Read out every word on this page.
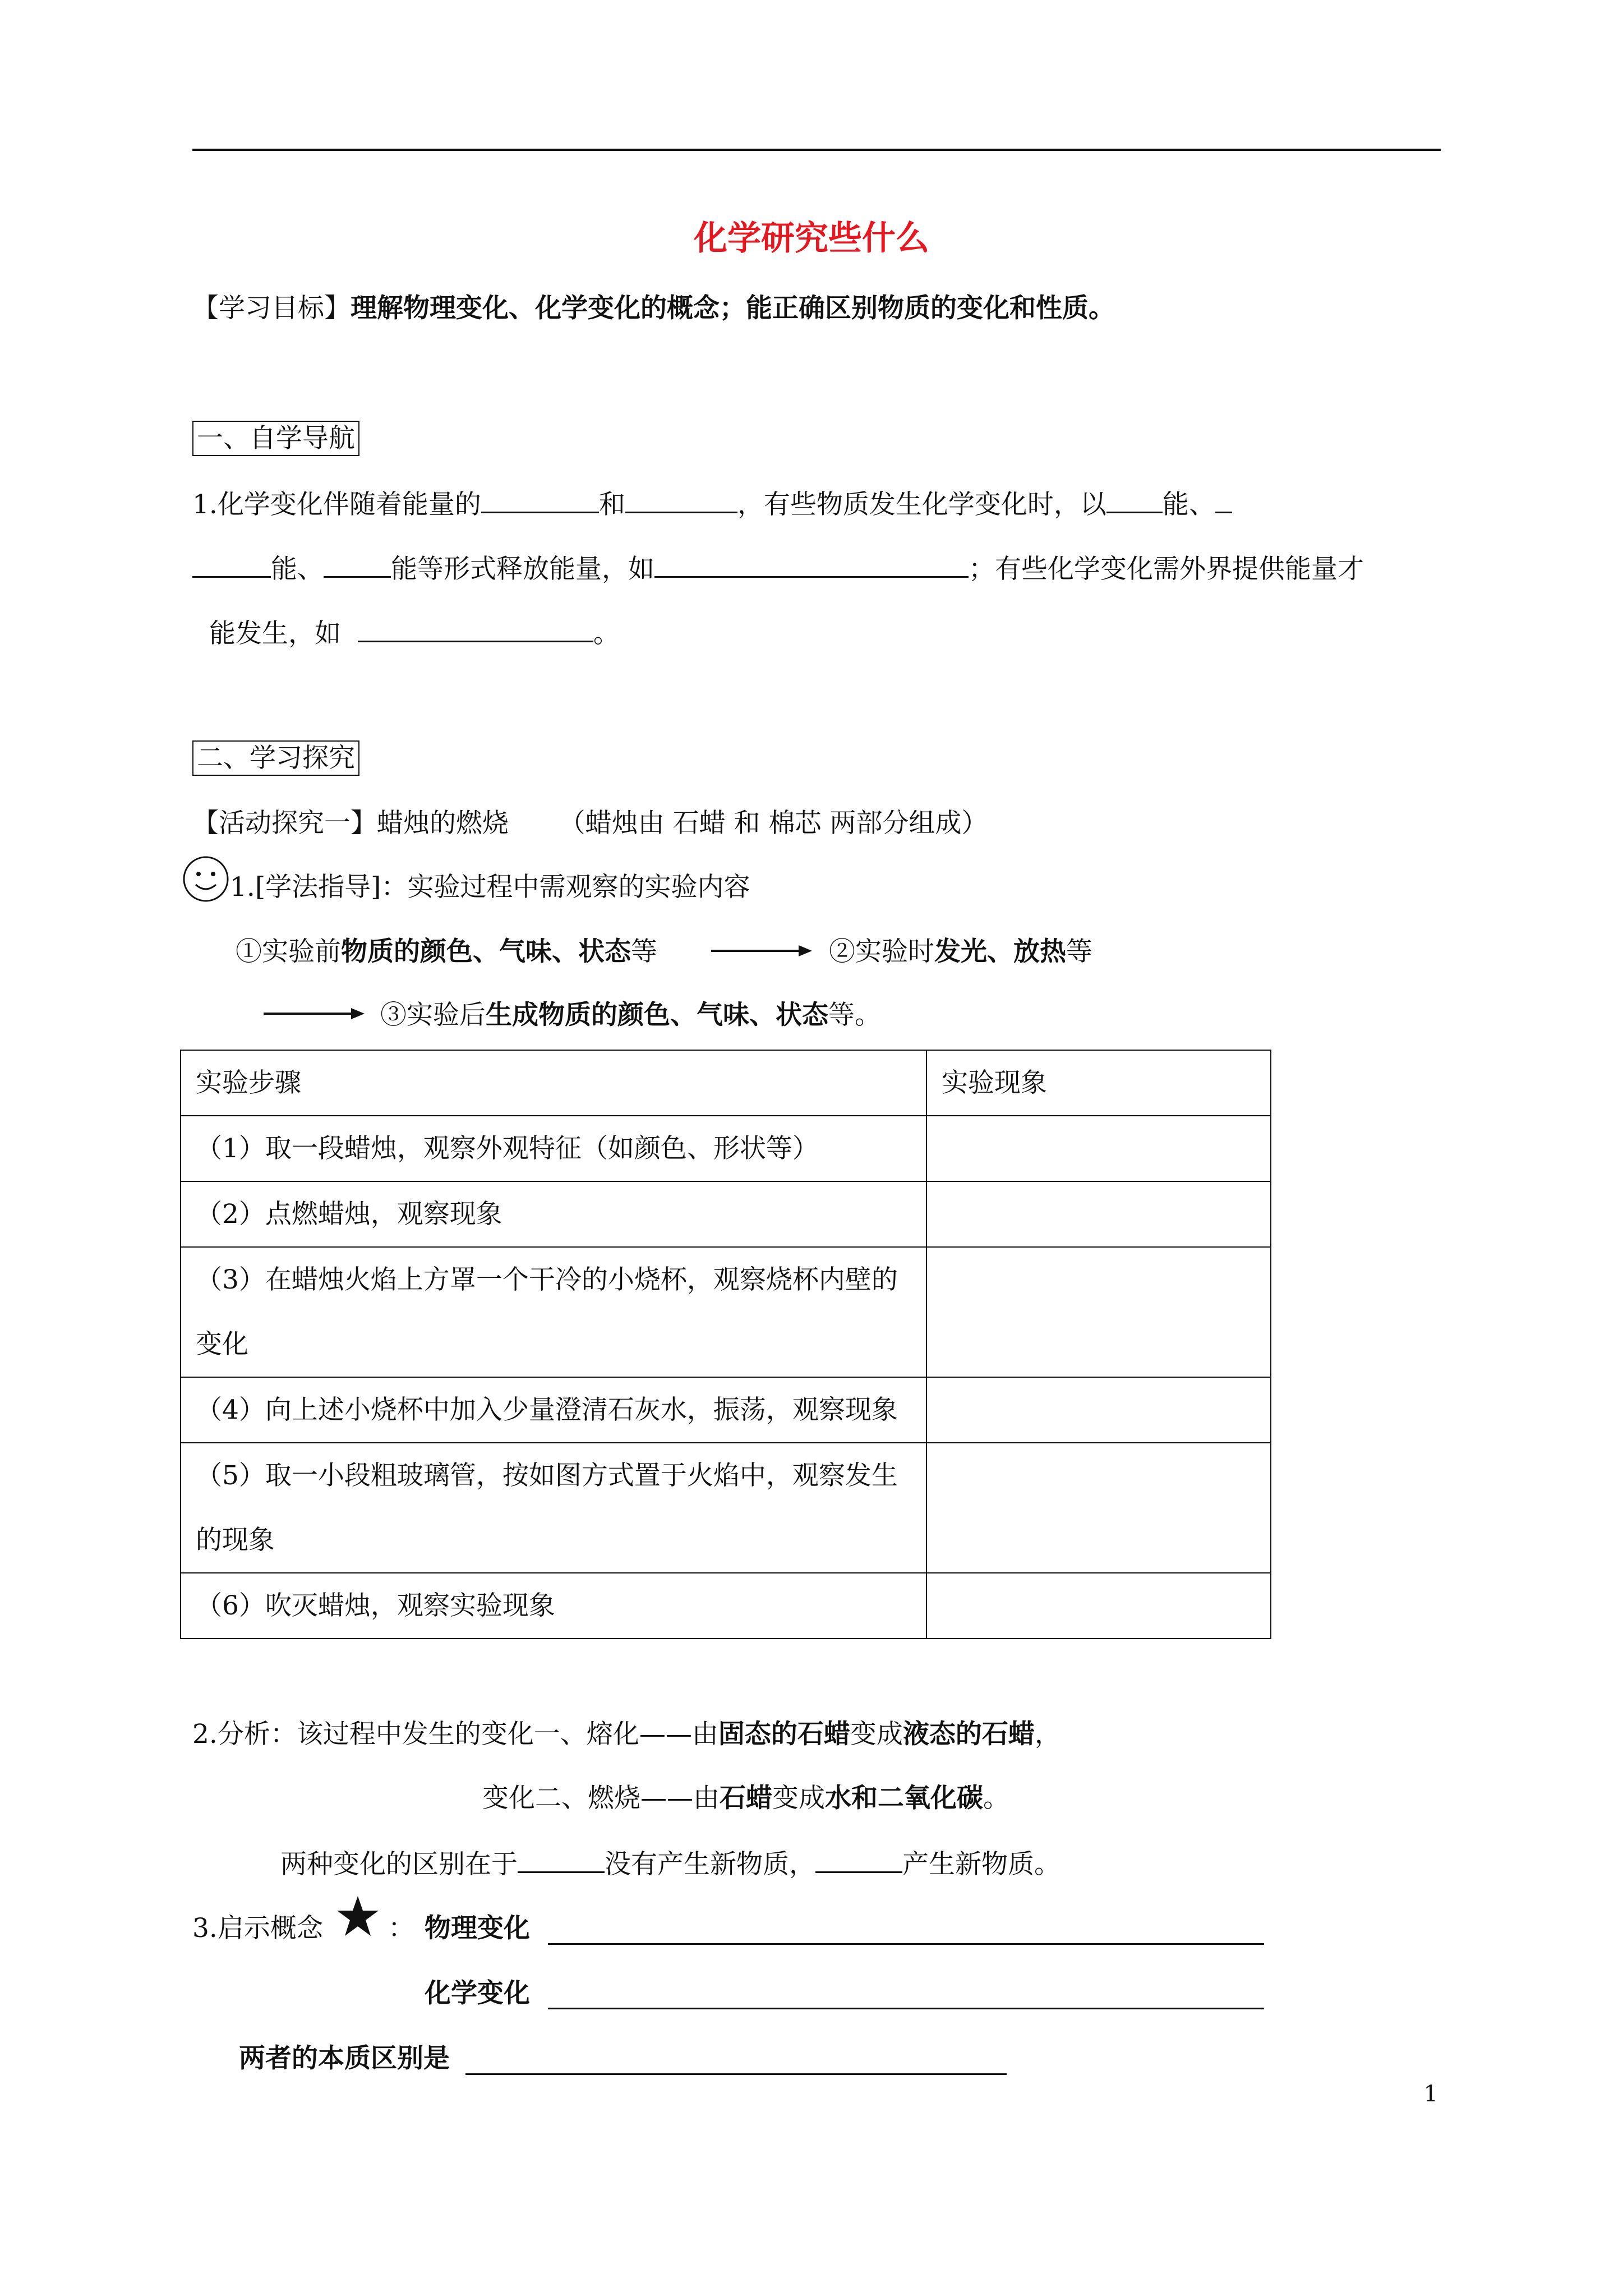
化学研究些什么
【学习目标】理解物理变化、化学变化的概念；能正确区别物质的变化和性质。
一、自学导航
1.化学变化伴随着能量的	和	，有些物质发生化学变化时，以 能、
能、	能等形式释放能量，如	；有些化学变化需外界提供能量才
能发生，如	。
二、学习探究
【活动探究一】蜡烛的燃烧 （蜡烛由 石蜡 和 棉芯 两部分组成）
1.[学法指导]：实验过程中需观察的实验内容
①实验前物质的颜色、气味、状态等	②实验时发光、放热等
③实验后生成物质的颜色、气味、状态等。
实验步骤	实验现象
（1）取一段蜡烛，观察外观特征（如颜色、形状等）	
（2）点燃蜡烛，观察现象	
（3）在蜡烛火焰上方罩一个干冷的小烧杯，观察烧杯内壁的变化	
（4）向上述小烧杯中加入少量澄清石灰水，振荡，观察现象	
（5）取一小段粗玻璃管，按如图方式置于火焰中，观察发生的现象	
（6）吹灭蜡烛，观察实验现象	
2.分析：该过程中发生的变化一、熔化——由固态的石蜡变成液态的石蜡，
变化二、燃烧——由石蜡变成水和二氧化碳。
两种变化的区别在于	没有产生新物质，	产生新物质。
3.启示概念 ： 物理变化
化学变化
两者的本质区别是
1
